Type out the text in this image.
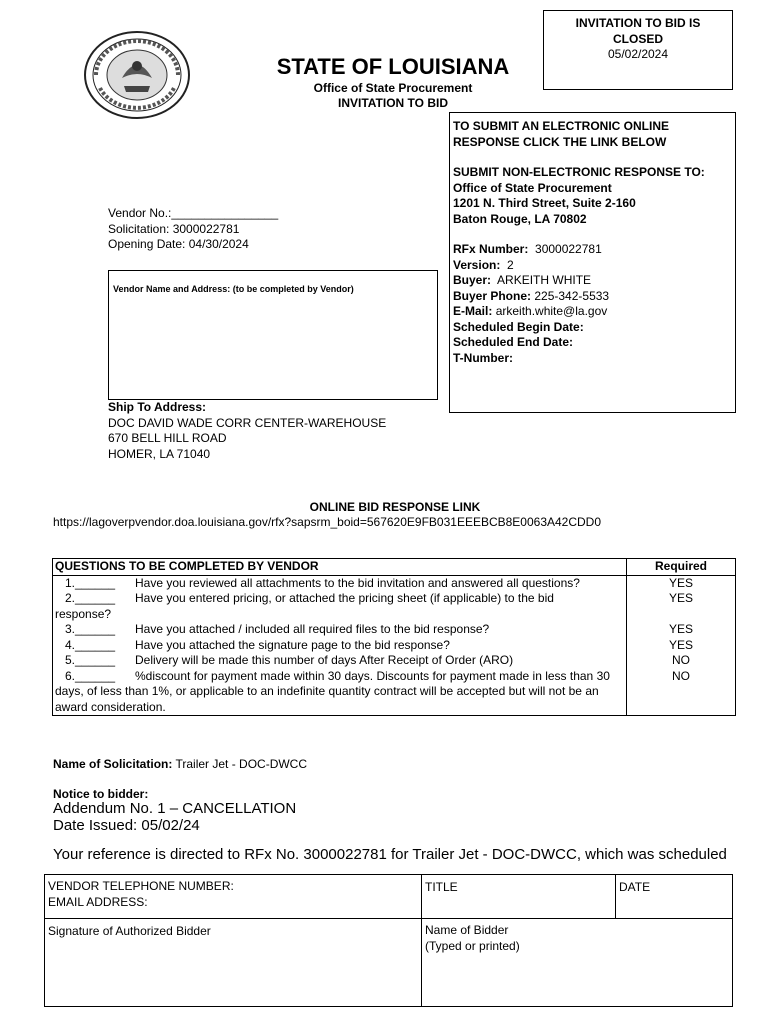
INVITATION TO BID IS
CLOSED
05/02/2024
STATE OF LOUISIANA
Office of State Procurement
INVITATION TO BID
Vendor No.:________________
Solicitation: 3000022781
Opening Date: 04/30/2024
Vendor Name and Address: (to be completed by Vendor)
TO SUBMIT AN ELECTRONIC ONLINE
RESPONSE CLICK THE LINK BELOW
SUBMIT NON-ELECTRONIC RESPONSE TO:
Office of State Procurement
1201 N. Third Street, Suite 2-160
Baton Rouge, LA 70802
RFx Number: 3000022781
Version: 2
Buyer: ARKEITH WHITE
Buyer Phone: 225-342-5533
E-Mail: arkeith.white@la.gov
Scheduled Begin Date:
Scheduled End Date:
T-Number:
Ship To Address:
DOC DAVID WADE CORR CENTER-WAREHOUSE
670 BELL HILL ROAD
HOMER, LA 71040
ONLINE BID RESPONSE LINK
https://lagoverpvendor.doa.louisiana.gov/rfx?sapsrm_boid=567620E9FB031EEEBCB8E0063A42CDD0
QUESTIONS TO BE COMPLETED BY VENDOR	Required
1.______ Have you reviewed all attachments to the bid invitation and answered all questions?	YES
2.______ Have you entered pricing, or attached the pricing sheet (if applicable) to the bid
response?	YES
3.______ Have you attached / included all required files to the bid response?	YES
4.______ Have you attached the signature page to the bid response?	YES
5.______ Delivery will be made this number of days After Receipt of Order (ARO)	NO
6.______ %discount for payment made within 30 days. Discounts for payment made in less than 30
days, of less than 1%, or applicable to an indefinite quantity contract will be accepted but will not be an award consideration.	NO
Name of Solicitation: Trailer Jet - DOC-DWCC
Notice to bidder:
Addendum No. 1 – CANCELLATION
Date Issued: 05/02/24
Your reference is directed to RFx No. 3000022781 for Trailer Jet - DOC-DWCC, which was scheduled
VENDOR TELEPHONE NUMBER:
EMAIL ADDRESS:	TITLE	DATE
Signature of Authorized Bidder	Name of Bidder
(Typed or printed)	
